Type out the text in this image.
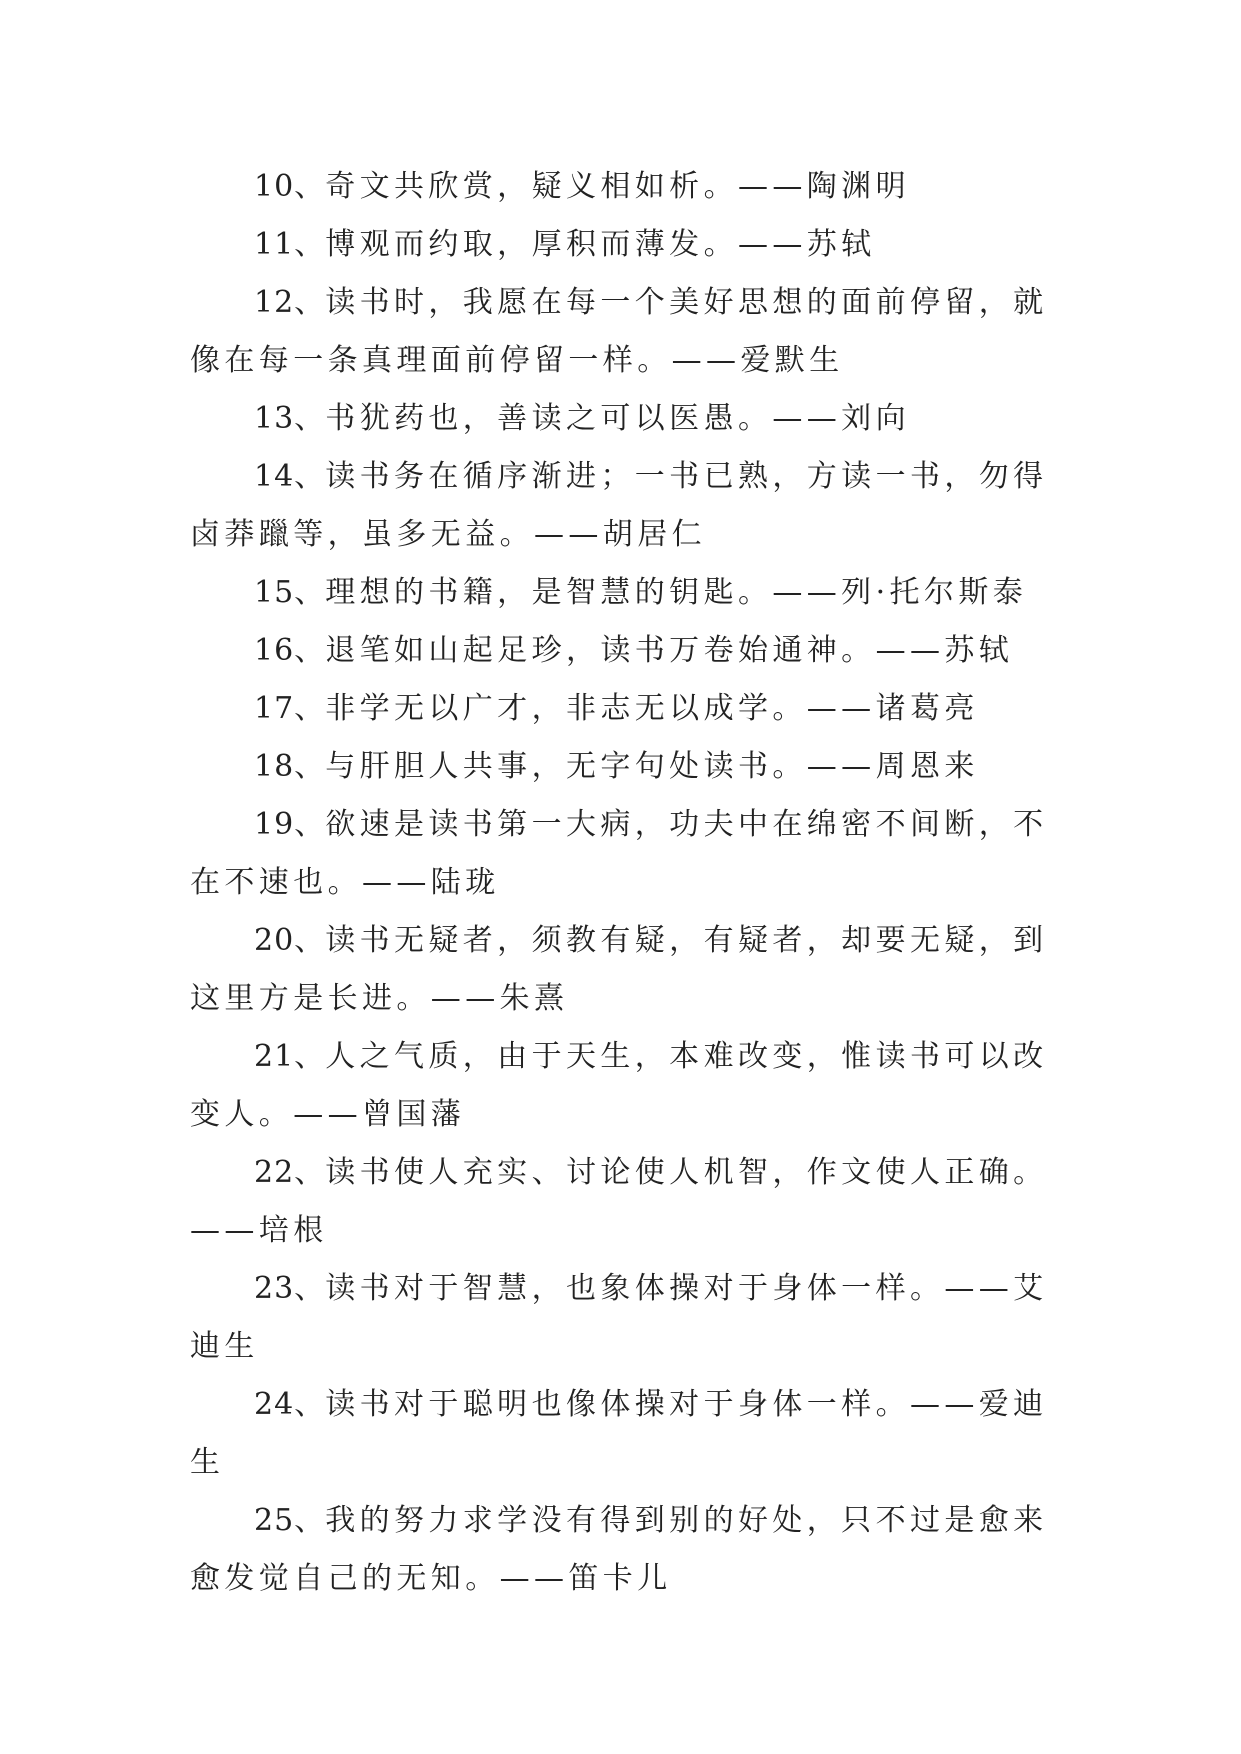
10、奇文共欣赏，疑义相如析。——陶渊明

11、博观而约取，厚积而薄发。——苏轼

12、读书时，我愿在每一个美好思想的面前停留，就像在每一条真理面前停留一样。——爱默生

13、书犹药也，善读之可以医愚。——刘向

14、读书务在循序渐进；一书已熟，方读一书，勿得卤莽躐等，虽多无益。——胡居仁

15、理想的书籍，是智慧的钥匙。——列·托尔斯泰

16、退笔如山起足珍，读书万卷始通神。——苏轼

17、非学无以广才，非志无以成学。——诸葛亮

18、与肝胆人共事，无字句处读书。——周恩来

19、欲速是读书第一大病，功夫中在绵密不间断，不在不速也。——陆珑

20、读书无疑者，须教有疑，有疑者，却要无疑，到这里方是长进。——朱熹

21、人之气质，由于天生，本难改变，惟读书可以改变人。——曾国藩

22、读书使人充实、讨论使人机智，作文使人正确。——培根

23、读书对于智慧，也象体操对于身体一样。——艾迪生

24、读书对于聪明也像体操对于身体一样。——爱迪生

25、我的努力求学没有得到别的好处，只不过是愈来愈发觉自己的无知。——笛卡儿
